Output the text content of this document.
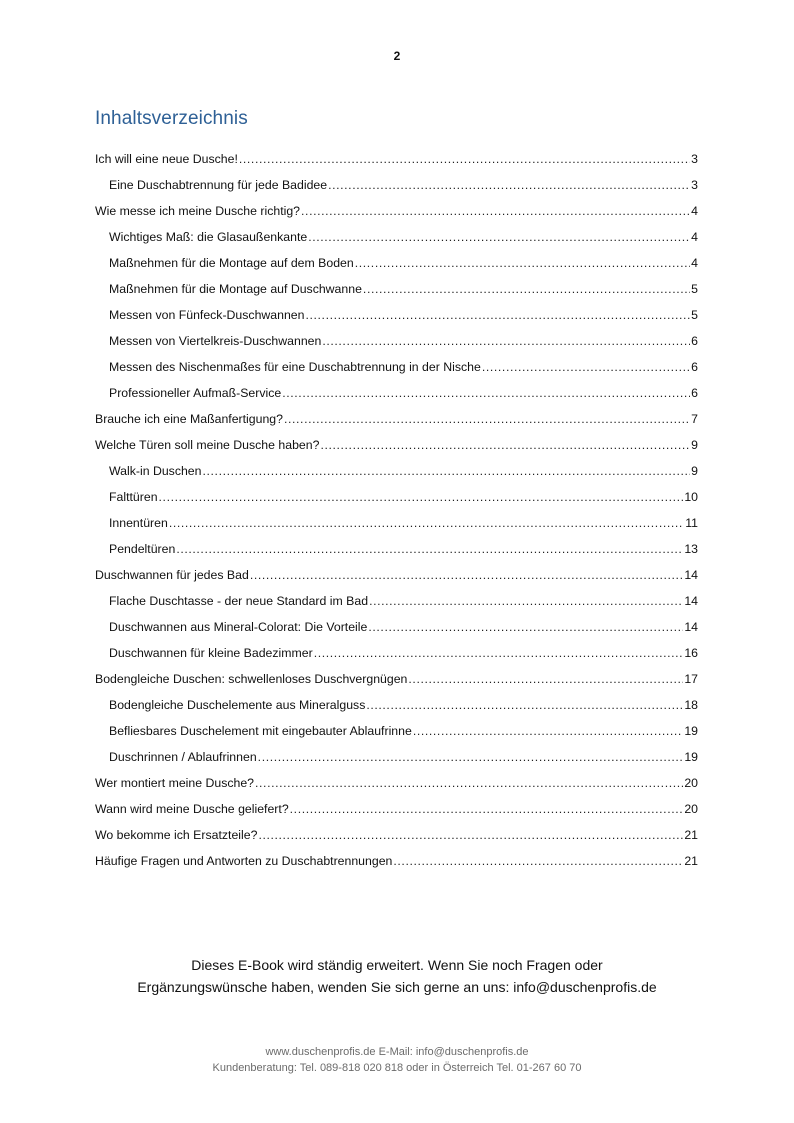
2
Inhaltsverzeichnis
Ich will eine neue Dusche! .....	3
Eine Duschabtrennung für jede Badidee .....	3
Wie messe ich meine Dusche richtig? .....	4
Wichtiges Maß: die Glasaußenkante .....	4
Maßnehmen für die Montage auf dem Boden .....	4
Maßnehmen für die Montage auf Duschwanne .....	5
Messen von Fünfeck-Duschwannen .....	5
Messen von Viertelkreis-Duschwannen .....	6
Messen des Nischenmaßes für eine Duschabtrennung in der Nische .....	6
Professioneller Aufmaß-Service .....	6
Brauche ich eine Maßanfertigung? .....	7
Welche Türen soll meine Dusche haben? .....	9
Walk-in Duschen .....	9
Falttüren .....	10
Innentüren .....	11
Pendeltüren .....	13
Duschwannen für jedes Bad .....	14
Flache Duschtasse - der neue Standard im Bad .....	14
Duschwannen aus Mineral-Colorat: Die Vorteile .....	14
Duschwannen für kleine Badezimmer .....	16
Bodengleiche Duschen: schwellenloses Duschvergnügen .....	17
Bodengleiche Duschelemente aus Mineralguss .....	18
Befliesbares Duschelement mit eingebauter Ablaufrinne .....	19
Duschrinnen / Ablaufrinnen .....	19
Wer montiert meine Dusche? .....	20
Wann wird meine Dusche geliefert? .....	20
Wo bekomme ich Ersatzteile? .....	21
Häufige Fragen und Antworten zu Duschabtrennungen .....	21

Dieses E-Book wird ständig erweitert. Wenn Sie noch Fragen oder

Ergänzungswünsche haben, wenden Sie sich gerne an uns: info@duschenprofis.de

www.duschenprofis.de E-Mail: info@duschenprofis.de

Kundenberatung: Tel. 089-818 020 818 oder in Österreich Tel. 01-267 60 70
